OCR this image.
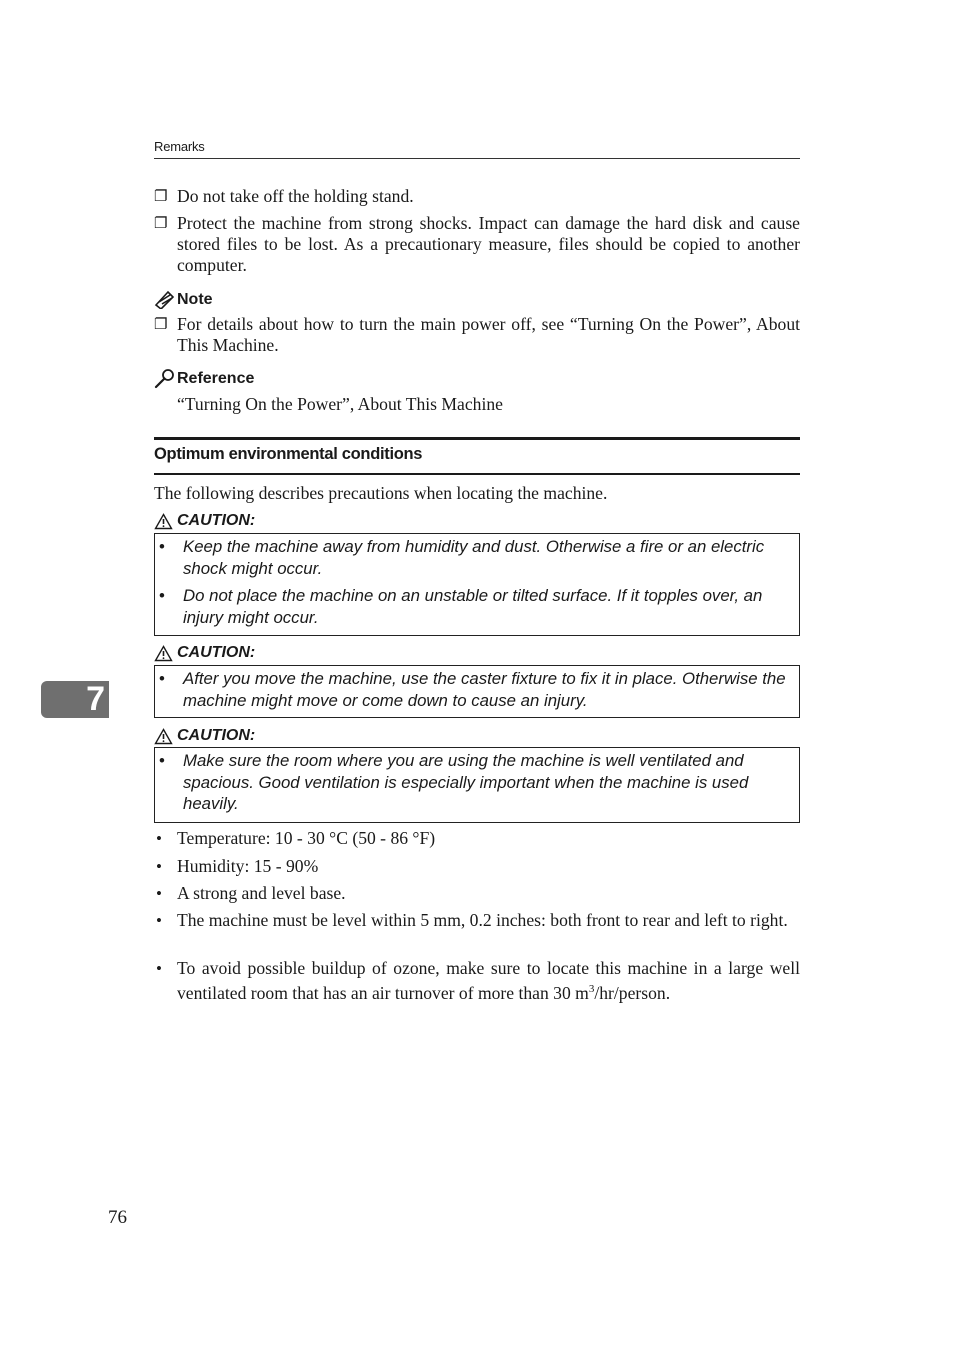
Remarks
❐ Do not take off the holding stand.
❐ Protect the machine from strong shocks. Impact can damage the hard disk and cause stored files to be lost. As a precautionary measure, files should be copied to another computer.
Note
❐ For details about how to turn the main power off, see “Turning On the Power”, About This Machine.
Reference
“Turning On the Power”, About This Machine
Optimum environmental conditions
The following describes precautions when locating the machine.
CAUTION:
• Keep the machine away from humidity and dust. Otherwise a fire or an electric shock might occur.
• Do not place the machine on an unstable or tilted surface. If it topples over, an injury might occur.
CAUTION:
• After you move the machine, use the caster fixture to fix it in place. Otherwise the machine might move or come down to cause an injury.
CAUTION:
• Make sure the room where you are using the machine is well ventilated and spacious. Good ventilation is especially important when the machine is used heavily.
• Temperature: 10 - 30 °C (50 - 86 °F)
• Humidity: 15 - 90%
• A strong and level base.
• The machine must be level within 5 mm, 0.2 inches: both front to rear and left to right.
• To avoid possible buildup of ozone, make sure to locate this machine in a large well ventilated room that has an air turnover of more than 30 $m^3/hr$/person.
7
76
